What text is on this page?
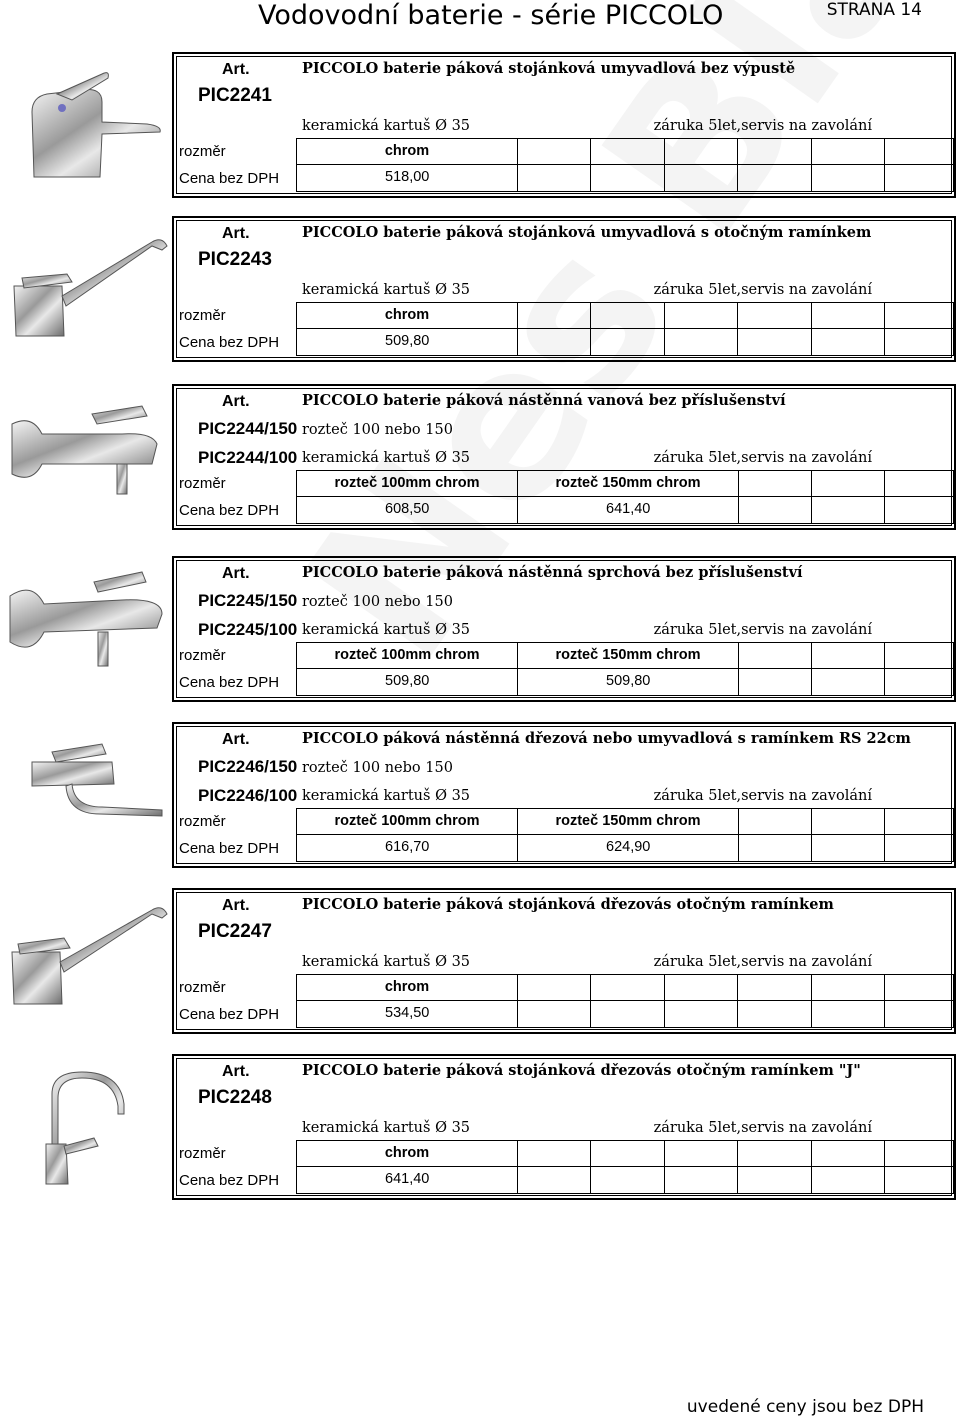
Vodovodní baterie - série PICCOLO	STRANA 14
Art.
PIC2241
PICCOLO baterie páková stojánková umyvadlová bez výpustě
keramická kartuš Ø 35	záruka 5let,servis na zavolání
rozměr	chrom
Cena bez DPH	518,00
Art.
PIC2243
PICCOLO baterie páková stojánková umyvadlová s otočným ramínkem
keramická kartuš Ø 35	záruka 5let,servis na zavolání
rozměr	chrom
Cena bez DPH	509,80
Art.
PIC2244/150
PIC2244/100
PICCOLO baterie páková nástěnná vanová bez příslušenství
rozteč 100 nebo 150
keramická kartuš Ø 35	záruka 5let,servis na zavolání
rozměr	rozteč 100mm chrom	rozteč 150mm chrom
Cena bez DPH	608,50	641,40
Art.
PIC2245/150
PIC2245/100
PICCOLO baterie páková nástěnná sprchová bez příslušenství
rozteč 100 nebo 150
keramická kartuš Ø 35	záruka 5let,servis na zavolání
rozměr	rozteč 100mm chrom	rozteč 150mm chrom
Cena bez DPH	509,80	509,80
Art.
PIC2246/150
PIC2246/100
PICCOLO páková nástěnná dřezová nebo umyvadlová s ramínkem RS 22cm
rozteč 100 nebo 150
keramická kartuš Ø 35	záruka 5let,servis na zavolání
rozměr	rozteč 100mm chrom	rozteč 150mm chrom
Cena bez DPH	616,70	624,90
Art.
PIC2247
PICCOLO baterie páková stojánková dřezovás otočným ramínkem
keramická kartuš Ø 35	záruka 5let,servis na zavolání
rozměr	chrom
Cena bez DPH	534,50
Art.
PIC2248
PICCOLO baterie páková stojánková dřezovás otočným ramínkem "J"
keramická kartuš Ø 35	záruka 5let,servis na zavolání
rozměr	chrom
Cena bez DPH	641,40
uvedené ceny jsou bez DPH
